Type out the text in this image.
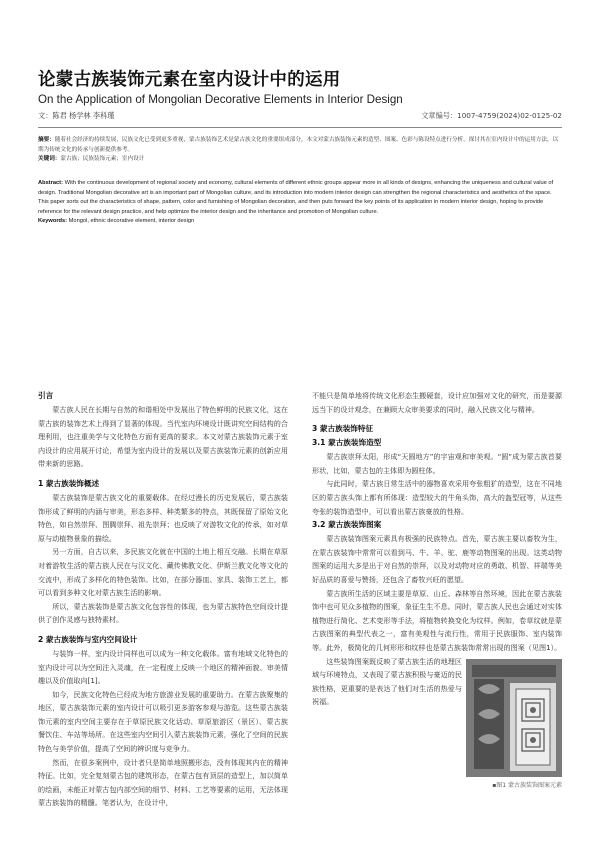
论蒙古族装饰元素在室内设计中的运用
On the Application of Mongolian Decorative Elements in Interior Design
文：陈君 杨学林 李科瑾	文章编号：1007-4759(2024)02-0125-02

摘要：随着社会经济的持续发展，民族文化已受到更多重视，蒙古族装饰艺术是蒙古族文化的重要组成部分。本文对蒙古族装饰元素的造型、图案、色彩与陈设特点进行分析，探讨其在室内设计中的运用方法，以期为传统文化的传承与创新提供参考。

关键词：蒙古族；民族装饰元素；室内设计

Abstract: With the continuous development of regional society and economy, cultural elements of different ethnic groups appear more in all kinds of designs, enhancing the uniqueness and cultural value of design. Traditional Mongolian decorative art is an important part of Mongolian culture, and its introduction into modern interior design can strengthen the regional characteristics and aesthetics of the space. This paper sorts out the characteristics of shape, pattern, color and furnishing of Mongolian decoration, and then puts forward the key points of its application in modern interior design, hoping to provide reference for the relevant design practice, and help optimize the interior design and the inheritance and promotion of Mongolian culture.

Keywords: Mongol, ethnic decorative element, interior design

引言

蒙古族人民在长期与自然的和谐相处中发展出了特色鲜明的民族文化，这在蒙古族的装饰艺术上得到了显著的体现。当代室内环境设计既讲究空间结构的合理利用，也注重美学与文化特色方面有更高的要求。本文对蒙古族装饰元素于室内设计的应用展开讨论，希望为室内设计的发展以及蒙古族装饰元素的创新应用带来新的思路。

1 蒙古族装饰概述

蒙古族装饰是蒙古族文化的重要载体。在经过漫长的历史发展后，蒙古族装饰形成了鲜明的内涵与审美，形态多样、种类繁多的特点，其既保留了原始文化特色，如自然崇拜、图腾崇拜、祖先崇拜；也反映了对游牧文化的传承，如对草原与动植物景象的描绘。

另一方面，自古以来，多民族文化就在中国的土地上相互交融。长期在草原对着游牧生活的蒙古族人民在与汉文化、藏传佛教文化、伊斯兰教文化等文化的交流中，形成了多样化的特色装饰。比如，在部分器皿、家具、装饰工艺上，都可以看到多种文化对蒙古族生活的影响。

所以，蒙古族装饰是蒙古族文化包容性的体现，也为蒙古族特色空间设计提供了创作灵感与独特素材。

2 蒙古族装饰与室内空间设计

与装饰一样，室内设计同样也可以成为一种文化载体。富有地域文化特色的室内设计可以为空间注入灵魂，在一定程度上反映一个地区的精神面貌、审美情趣以及价值取向[1]。

如今，民族文化特色已经成为地方旅游业发展的重要助力。在蒙古族聚集的地区，蒙古族装饰元素的室内设计可以吸引更多游客参观与游览。这些蒙古族装饰元素的室内空间主要存在于草原民族文化话动、草原旅游区（景区）、蒙古族餐饮住、车站等场所。在这些室内空间引入蒙古族装饰元素，强化了空间的民族特色与美学价值，提高了空间的辨识度与竞争力。

然而，在很多案例中，设计者只是简单地照搬形态，没有体现其内在的精神特征。比如，完全复刻蒙古包的建筑形态，在蒙古包有顶层的造型上，加以简单的绘画，未能正对蒙古包内部空间的细节、材料、工艺等要素的运用，无法体现蒙古族装饰的精髓。笔者认为，在设计中，

不能只是简单地将传统文化形态生搬硬套，设计应加强对文化的研究，而是要源远当下的设计观念，在兼顾大众审美要求的同时，融入民族文化与精神。

3 蒙古族装饰特征
3.1 蒙古族装饰造型

蒙古族崇拜太阳，形成“天圆地方”的宇宙观和审美观。“圆”成为蒙古族首要形状，比如，蒙古包的主体即为圆柱体。

与此同时，蒙古族日常生活中的器物喜欢采用夸张粗犷的造型，这在不同地区的蒙古族头饰上都有所体现：造型较大的牛角头饰，高大的盔型冠等，从这些夸张的装饰造型中，可以看出蒙古族豪放的性格。

3.2 蒙古族装饰图案

蒙古族装饰图案元素具有极强的民族特点。首先，蒙古族主要以畜牧为生，在蒙古族装饰中常常可以看到马、牛、羊、驼、鹿等动物图案的出现。这类动物图案的运用大多是出于对自然的崇拜，以及对动物对应的勇敢、机智、祥瑞等美好品质的喜爱与赞扬，还包含了畜牧兴旺的愿望。

蒙古族所生活的区域主要是草原、山丘、森林等自然环境，因此在蒙古族装饰中也可见众多植物的图案，象征生生不息。同时，蒙古族人民也会通过对实体植物进行简化、艺术变形等手法，将植物转换变化为纹样。例如，卷草纹就是蒙古族图案的典型代表之一，富有美观性与流行性，常用于民族服饰、室内装饰等。此外，极简化的几何形形和纹样也是蒙古族装饰常常出现的图案（见图1）。

这些装饰图案既反映了蒙古族生活的地理区域与环境特点，又表现了蒙古族积极与豪迈的民族性格，更重要的是表达了他们对生活的热爱与祝福。

▪图1 蒙古族装饰图案元素
